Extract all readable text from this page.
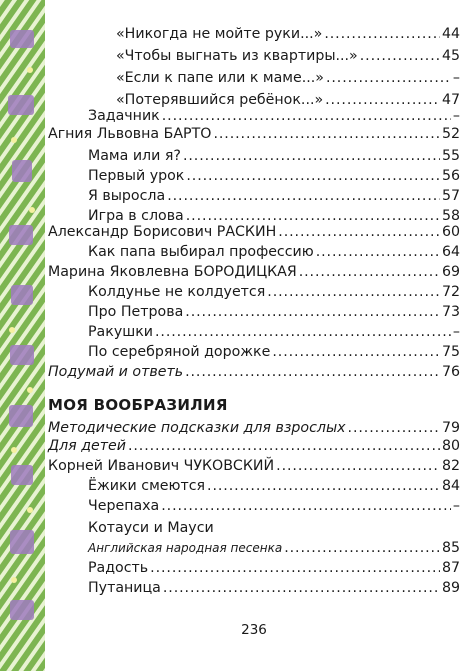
МОЯ ВООБРАЗИЛИЯ
236
«Никогда не мойте руки...» . . .	44
«Чтобы выгнать из квартиры...» . . .	45
«Если к папе или к маме...» . . .	–
«Потерявшийся ребёнок...» . . .	47
Задачник . . .	–
Агния Львовна БАРТО . . .	52
Мама или я? . . .	55
Первый урок . . .	56
Я выросла . . .	57
Игра в слова . . .	58
Александр Борисович РАСКИН . . .	60
Как папа выбирал профессию . . .	64
Марина Яковлевна БОРОДИЦКАЯ . . .	69
Колдунье не колдуется . . .	72
Про Петрова . . .	73
Ракушки . . .	–
По серебряной дорожке . . .	75
Подумай и ответь . . .	76
Методические подсказки для взрослых . . .	79
Для детей . . .	80
Корней Иванович ЧУКОВСКИЙ . . .	82
Ёжики смеются . . .	84
Черепаха . . .	–
Котауси и Мауси
Английская народная песенка . . .	85
Радость . . .	87
Путаница . . .	89
